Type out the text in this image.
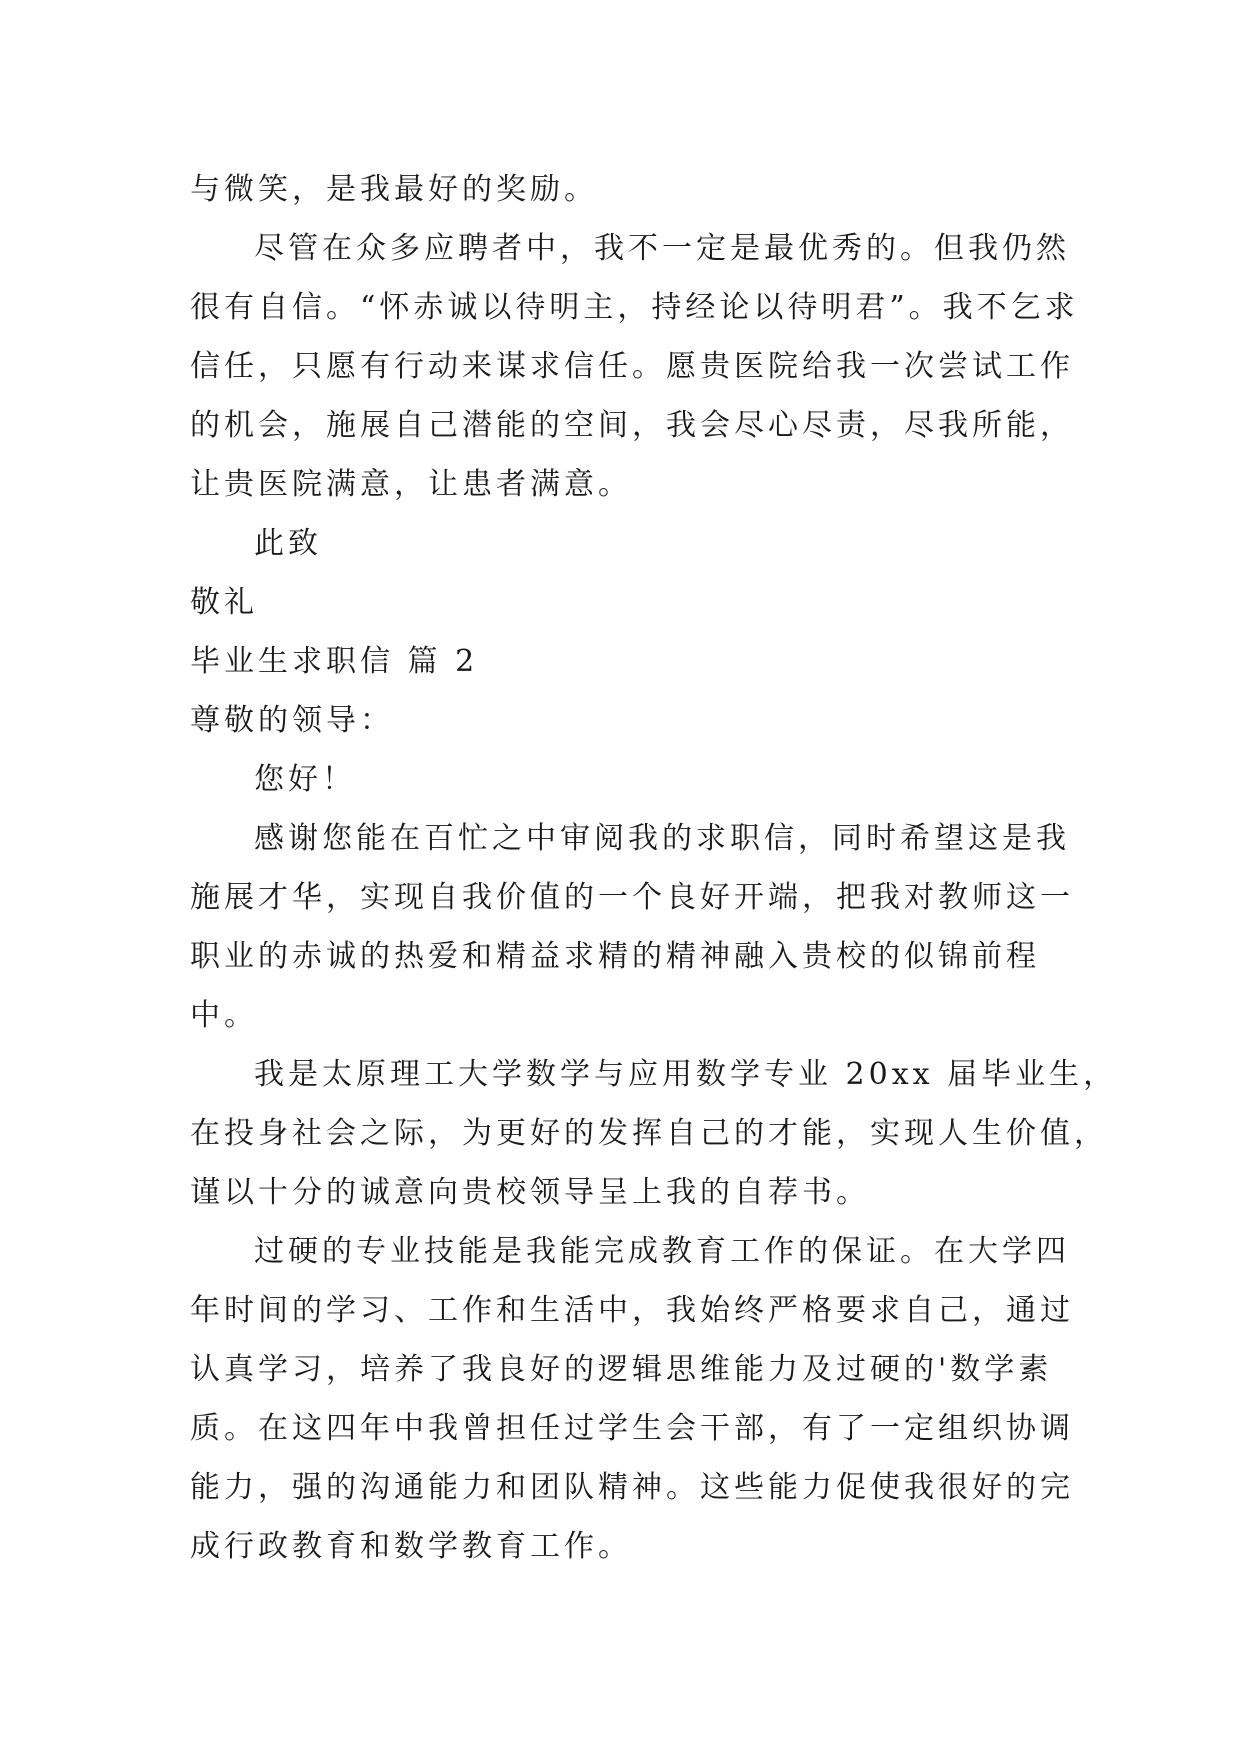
与微笑，是我最好的奖励。
尽管在众多应聘者中，我不一定是最优秀的。但我仍然
很有自信。“怀赤诚以待明主，持经论以待明君”。我不乞求
信任，只愿有行动来谋求信任。愿贵医院给我一次尝试工作
的机会，施展自己潜能的空间，我会尽心尽责，尽我所能，
让贵医院满意，让患者满意。
此致
敬礼
毕业生求职信 篇 2
尊敬的领导：
您好！
感谢您能在百忙之中审阅我的求职信，同时希望这是我
施展才华，实现自我价值的一个良好开端，把我对教师这一
职业的赤诚的热爱和精益求精的精神融入贵校的似锦前程
中。
我是太原理工大学数学与应用数学专业 20xx 届毕业生，
在投身社会之际，为更好的发挥自己的才能，实现人生价值，
谨以十分的诚意向贵校领导呈上我的自荐书。
过硬的专业技能是我能完成教育工作的保证。在大学四
年时间的学习、工作和生活中，我始终严格要求自己，通过
认真学习，培养了我良好的逻辑思维能力及过硬的'数学素
质。在这四年中我曾担任过学生会干部，有了一定组织协调
能力，强的沟通能力和团队精神。这些能力促使我很好的完
成行政教育和数学教育工作。
